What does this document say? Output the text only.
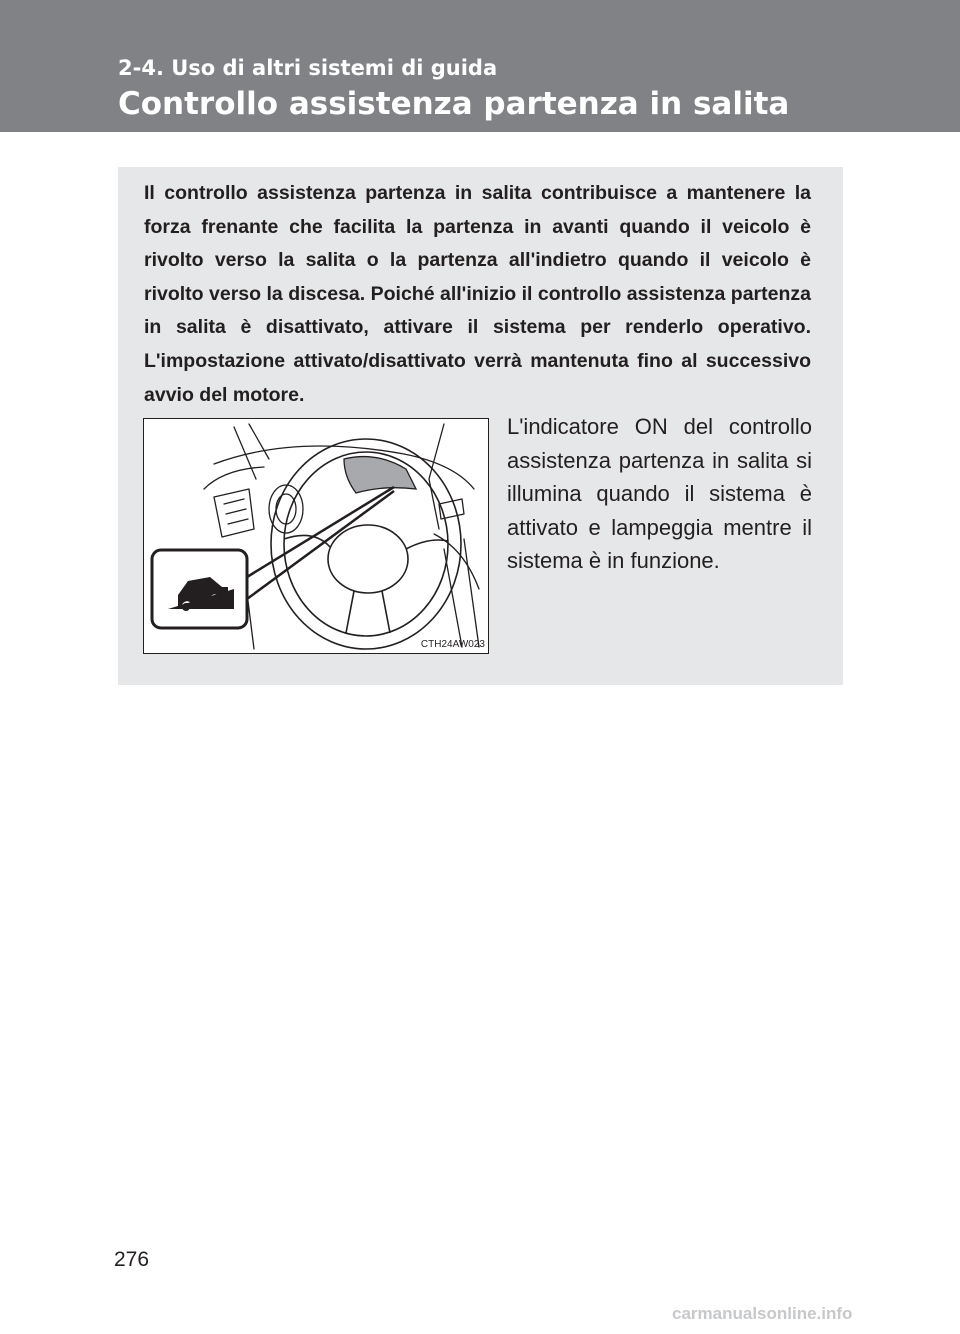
2-4. Uso di altri sistemi di guida
Controllo assistenza partenza in salita

Il controllo assistenza partenza in salita contribuisce a mantenere la forza frenante che facilita la partenza in avanti quando il veicolo è rivolto verso la salita o la partenza all'indietro quando il veicolo è rivolto verso la discesa. Poiché all'inizio il controllo assistenza partenza in salita è disattivato, attivare il sistema per renderlo operativo. L'impostazione attivato/disattivato verrà mantenuta fino al successivo avvio del motore.

CTH24AW023

L'indicatore ON del controllo assistenza partenza in salita si illumina quando il sistema è attivato e lampeggia mentre il sistema è in funzione.

276
carmanualsonline.info
